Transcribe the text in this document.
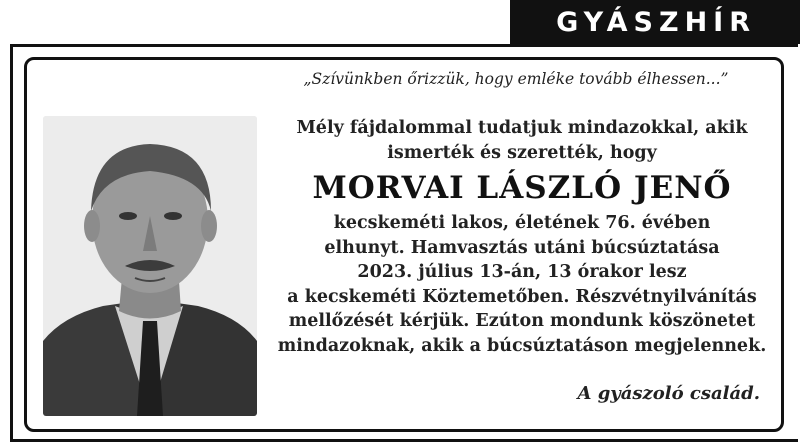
GYÁSZHÍR
„Szívünkben őrizzük, hogy emléke tovább élhessen...”
Mély fájdalommal tudatjuk mindazokkal, akik
ismerték és szerették, hogy
MORVAI LÁSZLÓ JENŐ
kecskeméti lakos, életének 76. évében
elhunyt. Hamvasztás utáni búcsúztatása
2023. július 13-án, 13 órakor lesz
a kecskeméti Köztemetőben. Részvétnyilvánítás
mellőzését kérjük. Ezúton mondunk köszönetet
mindazoknak, akik a búcsúztatáson megjelennek.
A gyászoló család.
